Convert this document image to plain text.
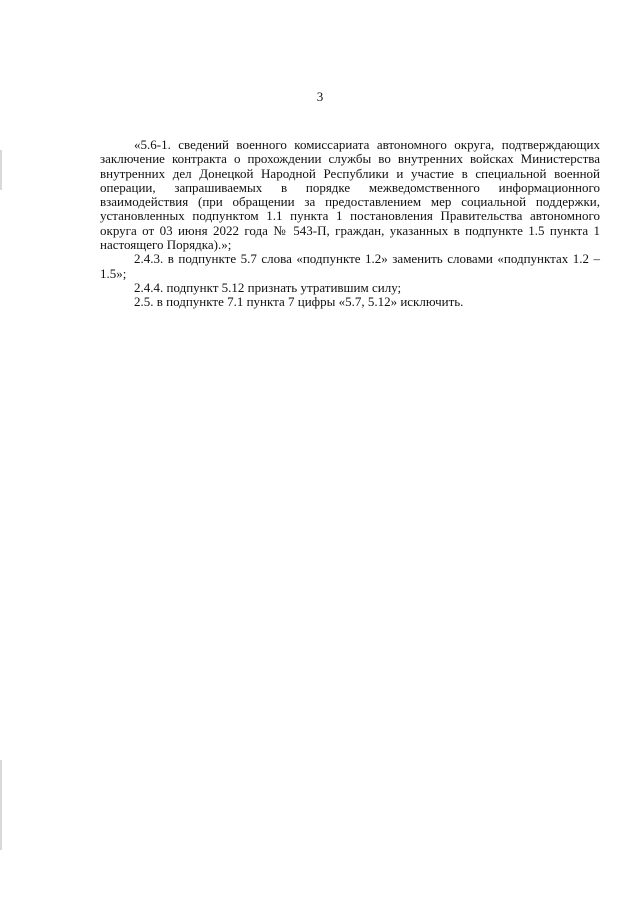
3

«5.6-1. сведений военного комиссариата автономного округа, подтверждающих заключение контракта о прохождении службы во внутренних войсках Министерства внутренних дел Донецкой Народной Республики и участие в специальной военной операции, запрашиваемых в порядке межведомственного информационного взаимодействия (при обращении за предоставлением мер социальной поддержки, установленных подпунктом 1.1 пункта 1 постановления Правительства автономного округа от 03 июня 2022 года № 543-П, граждан, указанных в подпункте 1.5 пункта 1 настоящего Порядка).»;

2.4.3. в подпункте 5.7 слова «подпункте 1.2» заменить словами «подпунктах 1.2 – 1.5»;

2.4.4. подпункт 5.12 признать утратившим силу;

2.5. в подпункте 7.1 пункта 7 цифры «5.7, 5.12» исключить.
